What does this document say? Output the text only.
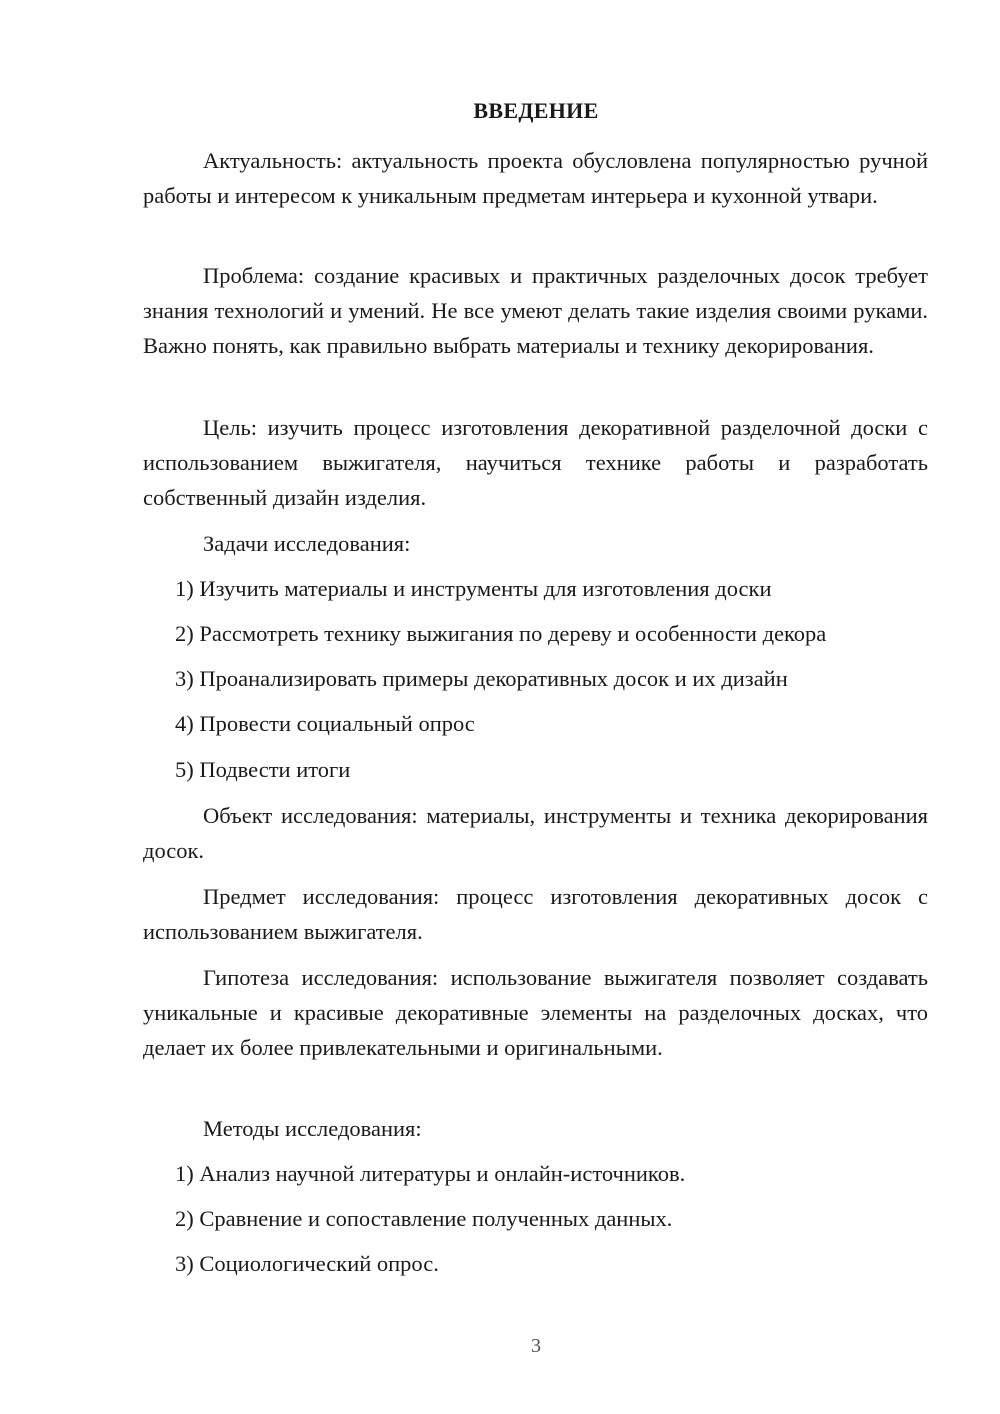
ВВЕДЕНИЕ

Актуальность: актуальность проекта обусловлена популярностью ручной работы и интересом к уникальным предметам интерьера и кухонной утвари.

Проблема: создание красивых и практичных разделочных досок требует знания технологий и умений. Не все умеют делать такие изделия своими руками. Важно понять, как правильно выбрать материалы и технику декорирования.

Цель: изучить процесс изготовления декоративной разделочной доски с использованием выжигателя, научиться технике работы и разработать собственный дизайн изделия.

Задачи исследования:

1) Изучить материалы и инструменты для изготовления доски

2) Рассмотреть технику выжигания по дереву и особенности декора

3) Проанализировать примеры декоративных досок и их дизайн

4) Провести социальный опрос

5) Подвести итоги

Объект исследования: материалы, инструменты и техника декорирования досок.

Предмет исследования: процесс изготовления декоративных досок с использованием выжигателя.

Гипотеза исследования: использование выжигателя позволяет создавать уникальные и красивые декоративные элементы на разделочных досках, что делает их более привлекательными и оригинальными.

Методы исследования:

1) Анализ научной литературы и онлайн-источников.

2) Сравнение и сопоставление полученных данных.

3) Социологический опрос.

3
